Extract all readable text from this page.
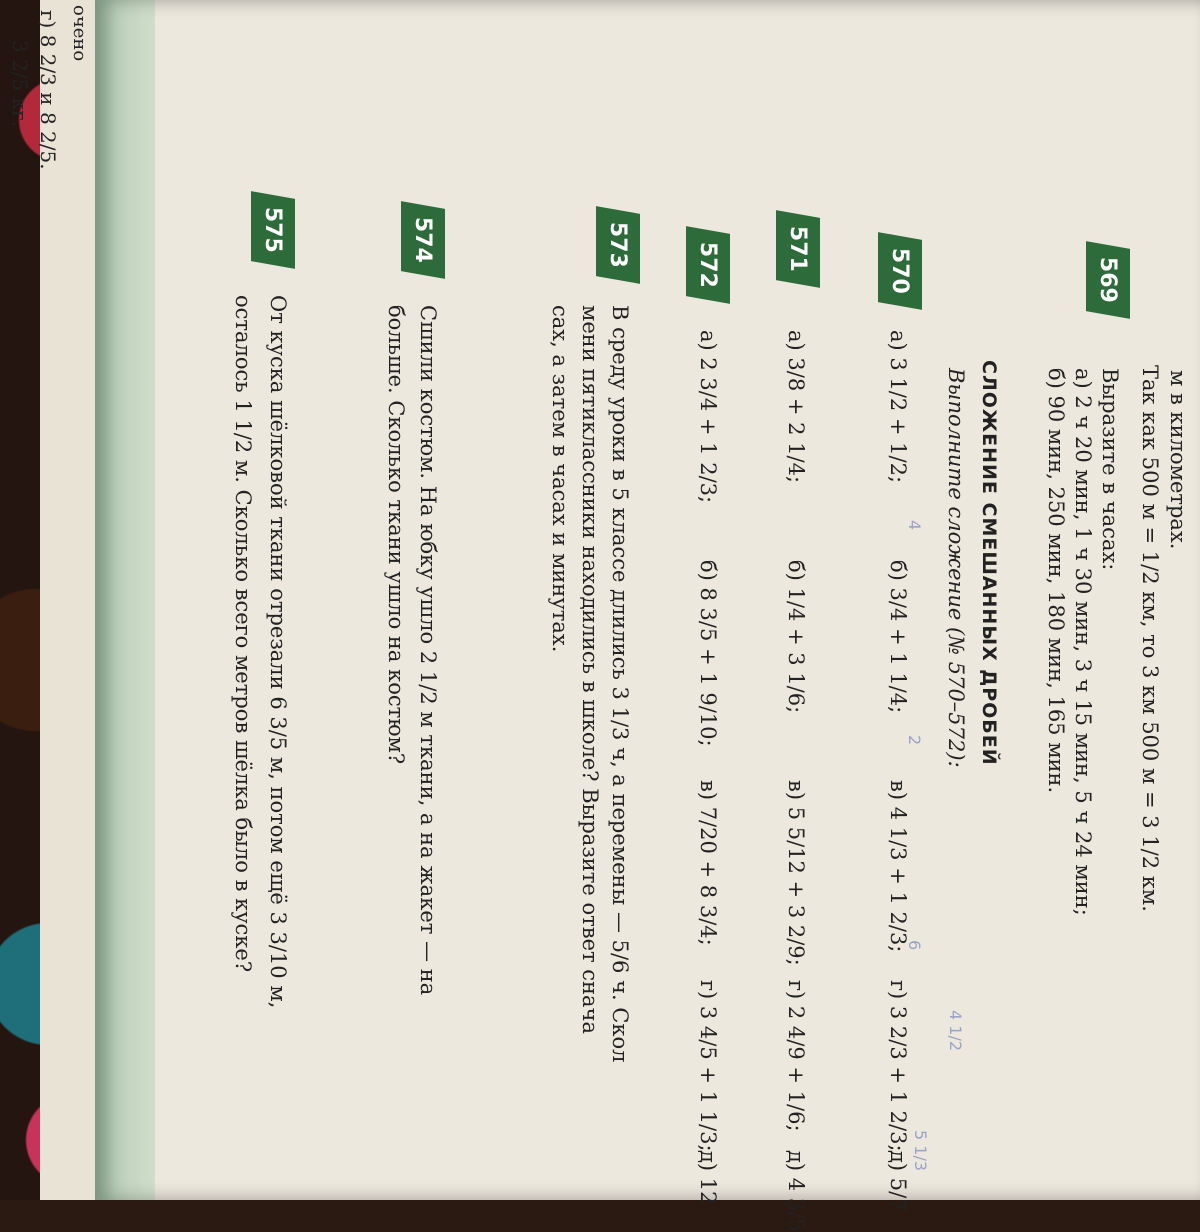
г) 8 2/3 и 8 2/5.
3 2/5 кг.
очено
м в километрах.
Так как 500 м = 1/2 км, то 3 км 500 м = 3 1/2 км.
569
Выразите в часах:
а) 2 ч 20 мин, 1 ч 30 мин, 3 ч 15 мин, 5 ч 24 мин;
б) 90 мин, 250 мин, 180 мин, 165 мин.
СЛОЖЕНИЕ СМЕШАННЫХ ДРОБЕЙ
Выполните сложение (№ 570–572):
570
а) 3 1/2 + 1/2;
б) 3/4 + 1 1/4;
в) 4 1/3 + 1 2/3;
г) 3 2/3 + 1 2/3;
д) 5/7
4
2
6
5 1/3
4 1/2
571
а) 3/8 + 2 1/4;
б) 1/4 + 3 1/6;
в) 5 5/12 + 3 2/9;
г) 2 4/9 + 1/6;
д) 4 3/5
572
а) 2 3/4 + 1 2/3;
б) 8 3/5 + 1 9/10;
в) 7/20 + 8 3/4;
г) 3 4/5 + 1 1/3;
д) 12
573
В среду уроки в 5 классе длились 3 1/3 ч, а перемены — 5/6 ч. Скол
мени пятиклассники находились в школе? Выразите ответ снача
сах, а затем в часах и минутах.
574
Сшили костюм. На юбку ушло 2 1/2 м ткани, а на жакет — на
больше. Сколько ткани ушло на костюм?
575
От куска шёлковой ткани отрезали 6 3/5 м, потом ещё 3 3/10 м,
осталось 1 1/2 м. Сколько всего метров шёлка было в куске?
